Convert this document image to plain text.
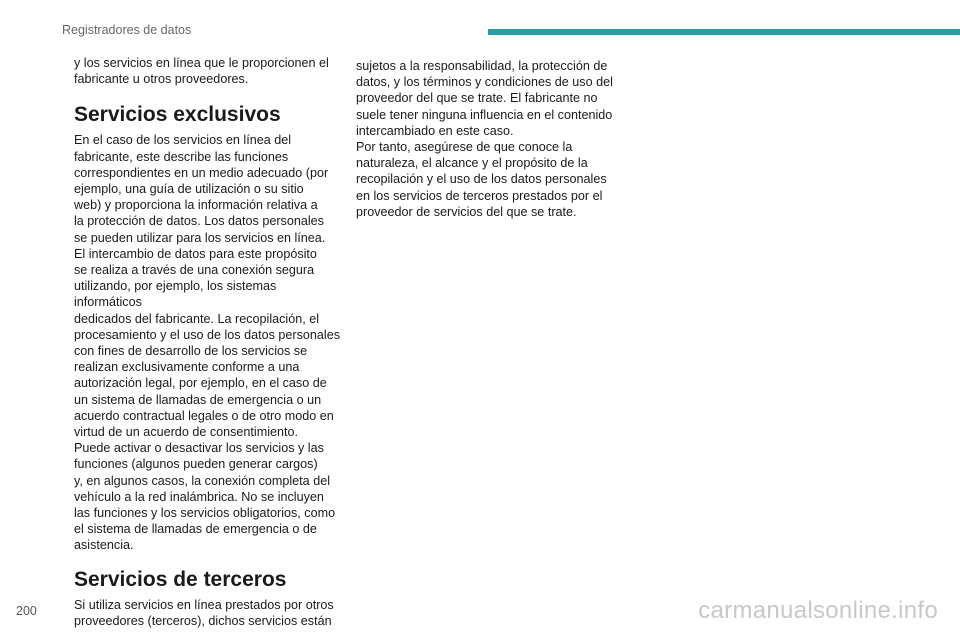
Registradores de datos

y los servicios en línea que le proporcionen el
fabricante u otros proveedores.

Servicios exclusivos

En el caso de los servicios en línea del
fabricante, este describe las funciones
correspondientes en un medio adecuado (por
ejemplo, una guía de utilización o su sitio
web) y proporciona la información relativa a
la protección de datos. Los datos personales
se pueden utilizar para los servicios en línea.
El intercambio de datos para este propósito
se realiza a través de una conexión segura
utilizando, por ejemplo, los sistemas informáticos
dedicados del fabricante. La recopilación, el
procesamiento y el uso de los datos personales
con fines de desarrollo de los servicios se
realizan exclusivamente conforme a una
autorización legal, por ejemplo, en el caso de
un sistema de llamadas de emergencia o un
acuerdo contractual legales o de otro modo en
virtud de un acuerdo de consentimiento.
Puede activar o desactivar los servicios y las
funciones (algunos pueden generar cargos)
y, en algunos casos, la conexión completa del
vehículo a la red inalámbrica. No se incluyen
las funciones y los servicios obligatorios, como
el sistema de llamadas de emergencia o de
asistencia.

Servicios de terceros

Si utiliza servicios en línea prestados por otros
proveedores (terceros), dichos servicios están

sujetos a la responsabilidad, la protección de
datos, y los términos y condiciones de uso del
proveedor del que se trate. El fabricante no
suele tener ninguna influencia en el contenido
intercambiado en este caso.
Por tanto, asegúrese de que conoce la
naturaleza, el alcance y el propósito de la
recopilación y el uso de los datos personales
en los servicios de terceros prestados por el
proveedor de servicios del que se trate.

200	carmanualsonline.info
